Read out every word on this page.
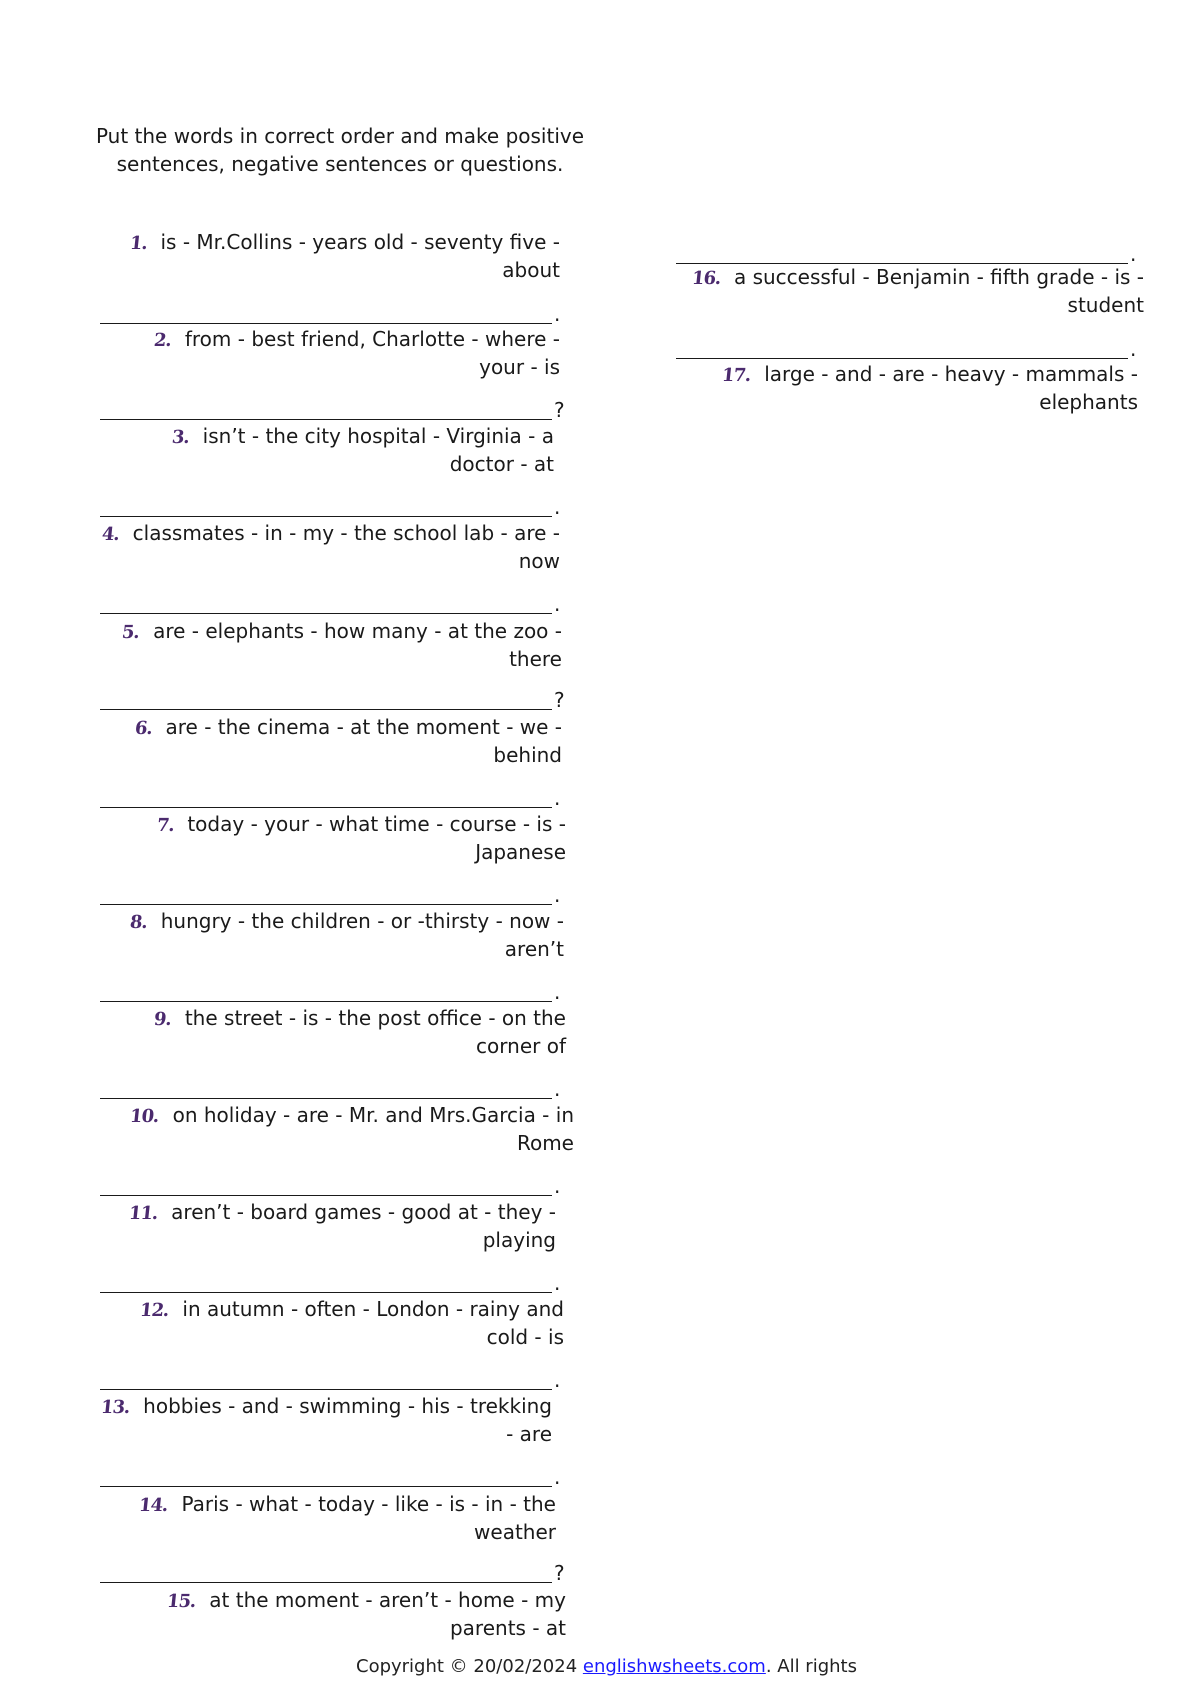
Put the words in correct order and make positive
sentences, negative sentences or questions.
1. is - Mr.Collins - years old - seventy five -
about
.
2. from - best friend, Charlotte - where -
your - is
?
3. isn’t - the city hospital - Virginia - a
doctor - at
.
4. classmates - in - my - the school lab - are -
now
.
5. are - elephants - how many - at the zoo -
there
?
6. are - the cinema - at the moment - we -
behind
.
7. today - your - what time - course - is -
Japanese
.
8. hungry - the children - or -thirsty - now -
aren’t
.
9. the street - is - the post office - on the
corner of
.
10. on holiday - are - Mr. and Mrs.Garcia - in
Rome
.
11. aren’t - board games - good at - they -
playing
.
12. in autumn - often - London - rainy and
cold - is
.
13. hobbies - and - swimming - his - trekking
- are
.
14. Paris - what - today - like - is - in - the
weather
?
15. at the moment - aren’t - home - my
parents - at
.
16. a successful - Benjamin - fifth grade - is -
student
.
17. large - and - are - heavy - mammals -
elephants
Copyright © 20/02/2024 englishwsheets.com. All rights
